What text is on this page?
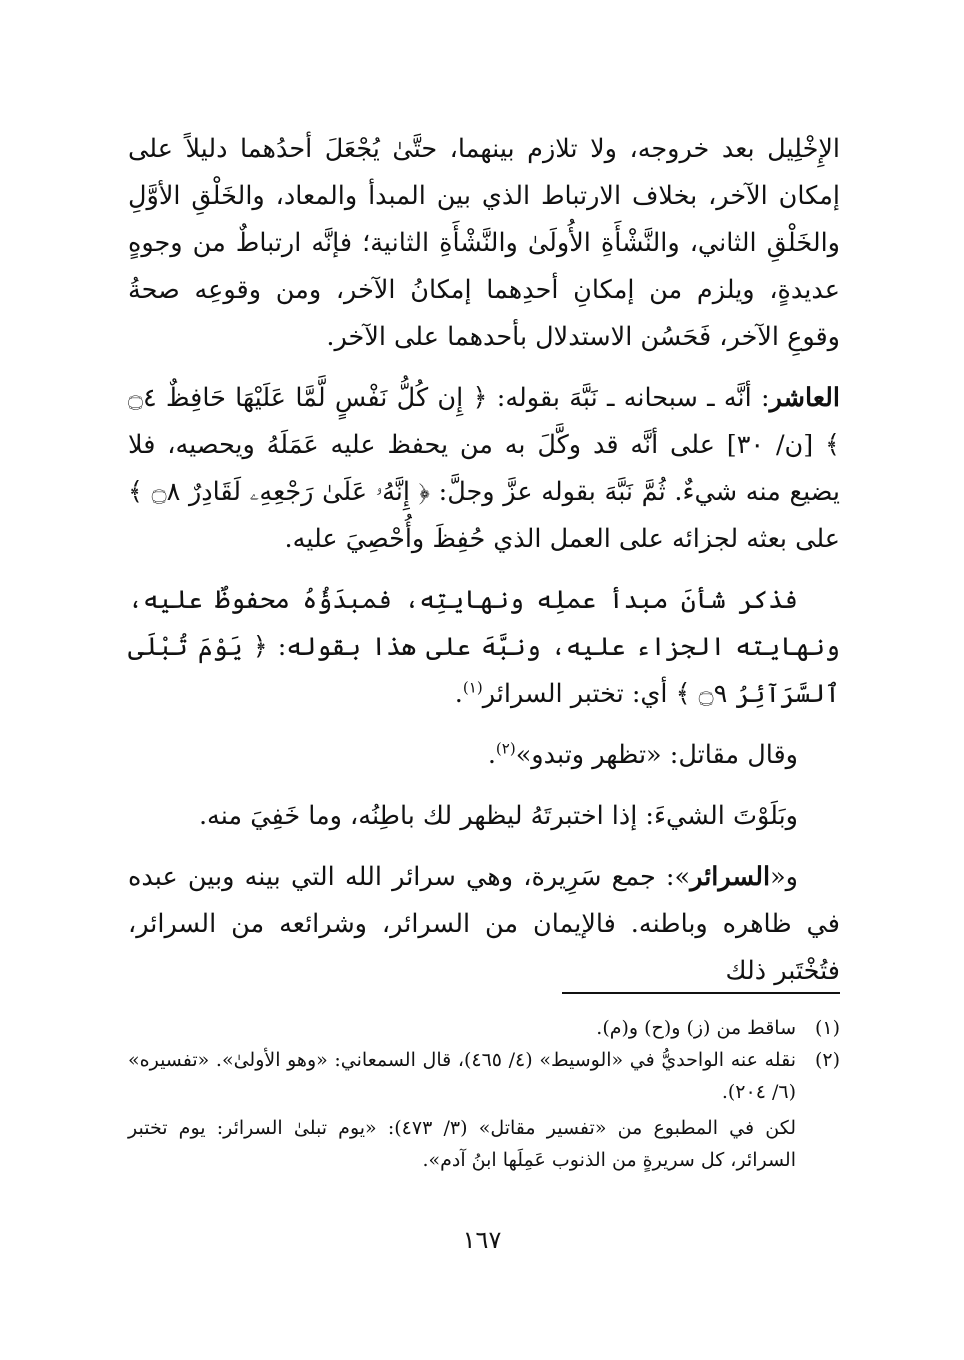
الإِخْلِيل بعد خروجه، ولا تلازم بينهما، حتَّىٰ يُجْعَلَ أحدُهما دليلاً على إمكان الآخر، بخلاف الارتباط الذي بين المبدأ والمعاد، والخَلْقِ الأوَّلِ والخَلْقِ الثاني، والنَّشْأَةِ الأُولَىٰ والنَّشْأَةِ الثانية؛ فإنَّه ارتباطٌ من وجوهٍ عديدةٍ، ويلزم من إمكانِ أحدِهما إمكانُ الآخر، ومن وقوعِه صحةُ وقوعِ الآخر، فَحَسُن الاستدلال بأحدهما على الآخر.

العاشر: أنَّه ـ سبحانه ـ نَبَّهَ بقوله: ﴿ إِن كُلُّ نَفْسٍ لَّمَّا عَلَيْهَا حَافِظٌ ۝٤ ﴾ [ن/ ٣٠] على أنَّه قد وكَّلَ به من يحفظ عليه عَمَلَهُ ويحصيه، فلا يضيع منه شيءٌ. ثُمَّ نَبَّهَ بقوله عزَّ وجلَّ: ﴿ إِنَّهُۥ عَلَىٰ رَجْعِهِۦ لَقَادِرٌ ۝٨ ﴾ على بعثه لجزائه على العمل الذي حُفِظَ وأُحْصِيَ عليه.

فذكر شأنَ مبدأ عملِه ونهايتِه، فمبدَؤُهُ محفوظٌ عليه، ونهايته الجزاء عليه، ونبَّهَ على هذا بقوله: ﴿ يَوْمَ تُبْلَى ٱلسَّرَآئِرُ ۝٩ ﴾ أي: تختبر السرائر$^{(١)}$.

وقال مقاتل: «تظهر وتبدو»$^{(٢)}$.

وبَلَوْتَ الشيءَ: إذا اختبرتَهُ ليظهر لك باطِنُه، وما خَفِيَ منه.

و«السرائر»: جمع سَرِيرة، وهي سرائر الله التي بينه وبين عبده في ظاهره وباطنه. فالإيمان من السرائر، وشرائعه من السرائر، فتُخْتَبر ذلك

(١)
ساقط من (ز) و(ح) و(م).
(٢)
نقله عنه الواحديُّ في «الوسيط» (٤/ ٤٦٥)، قال السمعاني: «وهو الأولىٰ». «تفسيره» (٦/ ٢٠٤).
لكن في المطبوع من «تفسير مقاتل» (٣/ ٤٧٣): «يوم تبلىٰ السرائر: يوم تختبر السرائر، كل سريرةٍ من الذنوب عَمِلَها ابنُ آدم».
١٦٧
